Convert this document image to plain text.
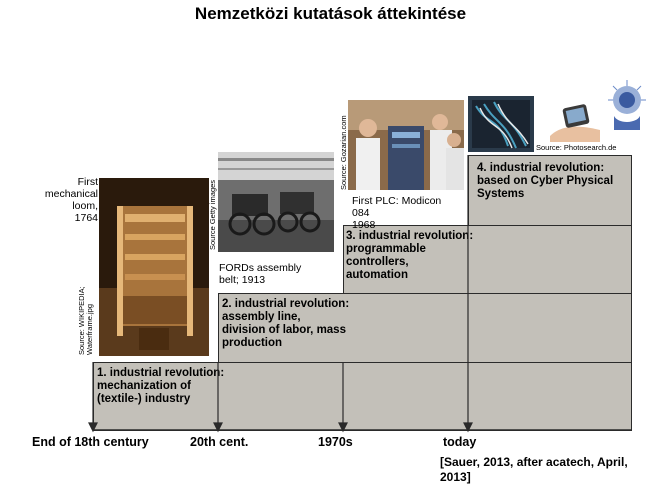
Nemzetközi kutatások áttekintése
1. industrial revolution:
mechanization of
(textile-) industry
2. industrial revolution:
assembly line,
division of labor, mass
production
3. industrial revolution:
programmable
controllers,
automation
4. industrial revolution:
based on Cyber Physical
Systems
End of 18th century	20th cent.	1970s	today
[Sauer, 2013, after acatech, April,
2013]
First
mechanical
loom,
1764
Source: WIKIPEDIA;
Waterframe.jpg
Source Getty images
FORDs assembly
belt; 1913
Source: Gozarian.com
First PLC: Modicon
084
1968
Source: Photosearch.de
